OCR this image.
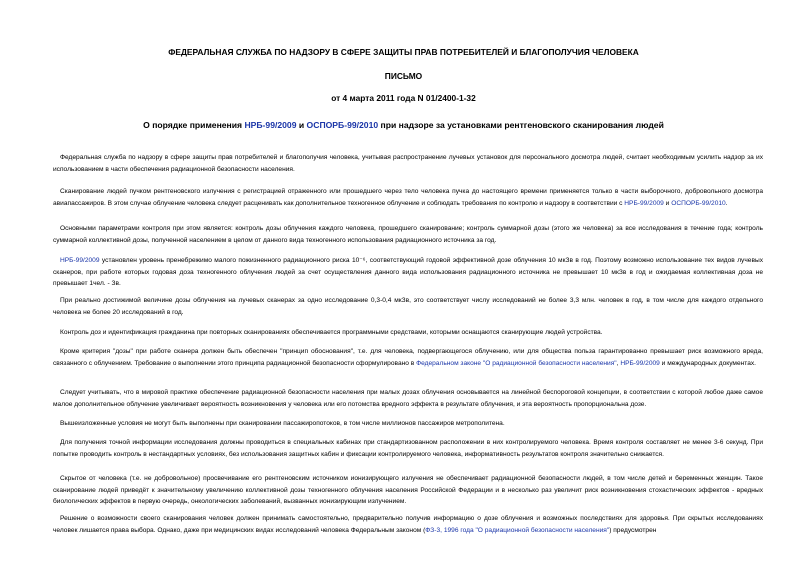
ФЕДЕРАЛЬНАЯ СЛУЖБА ПО НАДЗОРУ В СФЕРЕ ЗАЩИТЫ ПРАВ ПОТРЕБИТЕЛЕЙ И БЛАГОПОЛУЧИЯ ЧЕЛОВЕКА
ПИСЬМО
от 4 марта 2011 года N 01/2400-1-32
О порядке применения НРБ-99/2009 и ОСПОРБ-99/2010 при надзоре за установками рентгеновского сканирования людей
Федеральная служба по надзору в сфере защиты прав потребителей и благополучия человека, учитывая распространение лучевых установок для персонального досмотра людей, считает необходимым усилить надзор за их использованием в части обеспечения радиационной безопасности населения.
Сканирование людей пучком рентгеновского излучения с регистрацией отраженного или прошедшего через тело человека пучка до настоящего времени применяется только в части выборочного, добровольного досмотра авиапассажиров. В этом случае облучение человека следует расценивать как дополнительное техногенное облучение и соблюдать требования по контролю и надзору в соответствии с НРБ-99/2009 и ОСПОРБ-99/2010.
Основными параметрами контроля при этом является: контроль дозы облучения каждого человека, прошедшего сканирование; контроль суммарной дозы (этого же человека) за все исследования в течение года; контроль суммарной коллективной дозы, полученной населением в целом от данного вида техногенного использования радиационного источника за год.
НРБ-99/2009 установлен уровень пренебрежимо малого пожизненного радиационного риска 10⁻⁶, соответствующий годовой эффективной дозе облучения 10 мкЗв в год. Поэтому возможно использование тех видов лучевых сканеров, при работе которых годовая доза техногенного облучения людей за счет осуществления данного вида использования радиационного источника не превышает 10 мкЗв в год и ожидаемая коллективная доза не превышает 1чел. - Зв.
При реально достижимой величине дозы облучения на лучевых сканерах за одно исследование 0,3-0,4 мкЗв, это соответствует числу исследований не более 3,3 млн. человек в год, в том числе для каждого отдельного человека не более 20 исследований в год.
Контроль доз и идентификация гражданина при повторных сканированиях обеспечивается программными средствами, которыми оснащаются сканирующие людей устройства.
Кроме критерия "дозы" при работе сканера должен быть обеспечен "принцип обоснования", т.е. для человека, подвергающегося облучению, или для общества польза гарантированно превышает риск возможного вреда, связанного с облучением. Требование о выполнении этого принципа радиационной безопасности сформулировано в Федеральном законе "О радиационной безопасности населения", НРБ-99/2009 и международных документах.
Следует учитывать, что в мировой практике обеспечение радиационной безопасности населения при малых дозах облучения основывается на линейной беспороговой концепции, в соответствии с которой любое даже самое малое дополнительное облучение увеличивает вероятность возникновения у человека или его потомства вредного эффекта в результате облучения, и эта вероятность пропорциональна дозе.
Вышеизложенные условия не могут быть выполнены при сканировании пассажиропотоков, в том числе миллионов пассажиров метрополитена.
Для получения точной информации исследования должны проводиться в специальных кабинах при стандартизованном расположении в них контролируемого человека. Время контроля составляет не менее 3-6 секунд. При попытке проводить контроль в нестандартных условиях, без использования защитных кабин и фиксации контролируемого человека, информативность результатов контроля значительно снижается.
Скрытое от человека (т.е. не добровольное) просвечивание его рентгеновским источником ионизирующего излучения не обеспечивает радиационной безопасности людей, в том числе детей и беременных женщин. Такое сканирование людей приведёт к значительному увеличению коллективной дозы техногенного облучения населения Российской Федерации и в несколько раз увеличит риск возникновения стохастических эффектов - вредных биологических эффектов в первую очередь, онкологических заболеваний, вызванных ионизирующим излучением.
Решение о возможности своего сканирования человек должен принимать самостоятельно, предварительно получив информацию о дозе облучения и возможных последствиях для здоровья. При скрытых исследованиях человек лишается права выбора. Однако, даже при медицинских видах исследований человека Федеральным законом (ФЗ-3, 1996 года "О радиационной безопасности населения") предусмотрен
